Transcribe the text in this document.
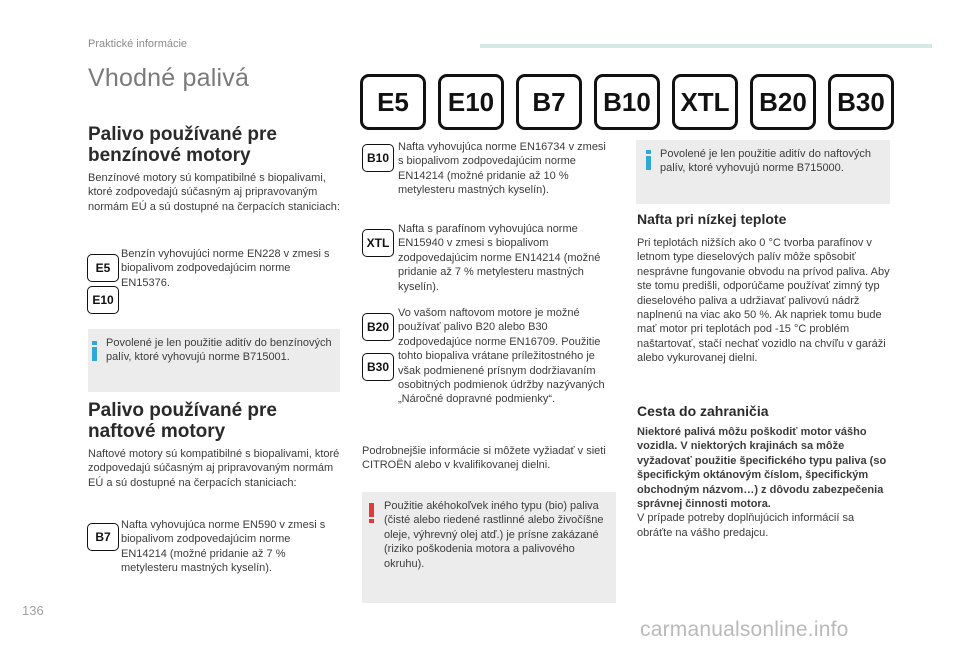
Praktické informácie
Vhodné palivá
E5	E10	B7	B10	XTL	B20	B30
Palivo používané pre
benzínové motory
Benzínové motory sú kompatibilné s biopalivami, ktoré zodpovedajú súčasným aj pripravovaným normám EÚ a sú dostupné na čerpacích staniciach:
E5
E10
Benzín vyhovujúci norme EN228 v zmesi s biopalivom zodpovedajúcim norme EN15376.
Povolené je len použitie aditív do benzínových palív, ktoré vyhovujú norme B715001.
Palivo používané pre
naftové motory
Naftové motory sú kompatibilné s biopalivami, ktoré zodpovedajú súčasným aj pripravovaným normám EÚ a sú dostupné na čerpacích staniciach:
B7
Nafta vyhovujúca norme EN590 v zmesi s biopalivom zodpovedajúcim norme EN14214 (možné pridanie až 7 % metylesteru mastných kyselín).
B10
Nafta vyhovujúca norme EN16734 v zmesi s biopalivom zodpovedajúcim norme EN14214 (možné pridanie až 10 % metylesteru mastných kyselín).
XTL
Nafta s parafínom vyhovujúca norme EN15940 v zmesi s biopalivom zodpovedajúcim norme EN14214 (možné pridanie až 7 % metylesteru mastných kyselín).
B20
B30
Vo vašom naftovom motore je možné používať palivo B20 alebo B30 zodpovedajúce norme EN16709. Použitie tohto biopaliva vrátane príležitostného je však podmienené prísnym dodržiavaním osobitných podmienok údržby nazývaných „Náročné dopravné podmienky“.
Podrobnejšie informácie si môžete vyžiadať v sieti CITROËN alebo v kvalifikovanej dielni.
Použitie akéhokoľvek iného typu (bio) paliva (čisté alebo riedené rastlinné alebo živočíšne oleje, výhrevný olej atď.) je prísne zakázané (riziko poškodenia motora a palivového okruhu).
Povolené je len použitie aditív do naftových palív, ktoré vyhovujú norme B715000.
Nafta pri nízkej teplote
Pri teplotách nižších ako 0 °C tvorba parafínov v letnom type dieselových palív môže spôsobiť nesprávne fungovanie obvodu na prívod paliva. Aby ste tomu predišli, odporúčame používať zimný typ dieselového paliva a udržiavať palivovú nádrž naplnenú na viac ako 50 %. Ak napriek tomu bude mať motor pri teplotách pod -15 °C problém naštartovať, stačí nechať vozidlo na chvíľu v garáži alebo vykurovanej dielni.
Cesta do zahraničia
Niektoré palivá môžu poškodiť motor vášho vozidla. V niektorých krajinách sa môže vyžadovať použitie špecifického typu paliva (so špecifickým oktánovým číslom, špecifickým obchodným názvom…) z dôvodu zabezpečenia správnej činnosti motora.
V prípade potreby doplňujúcich informácií sa obráťte na vášho predajcu.
136
carmanualsonline.info
